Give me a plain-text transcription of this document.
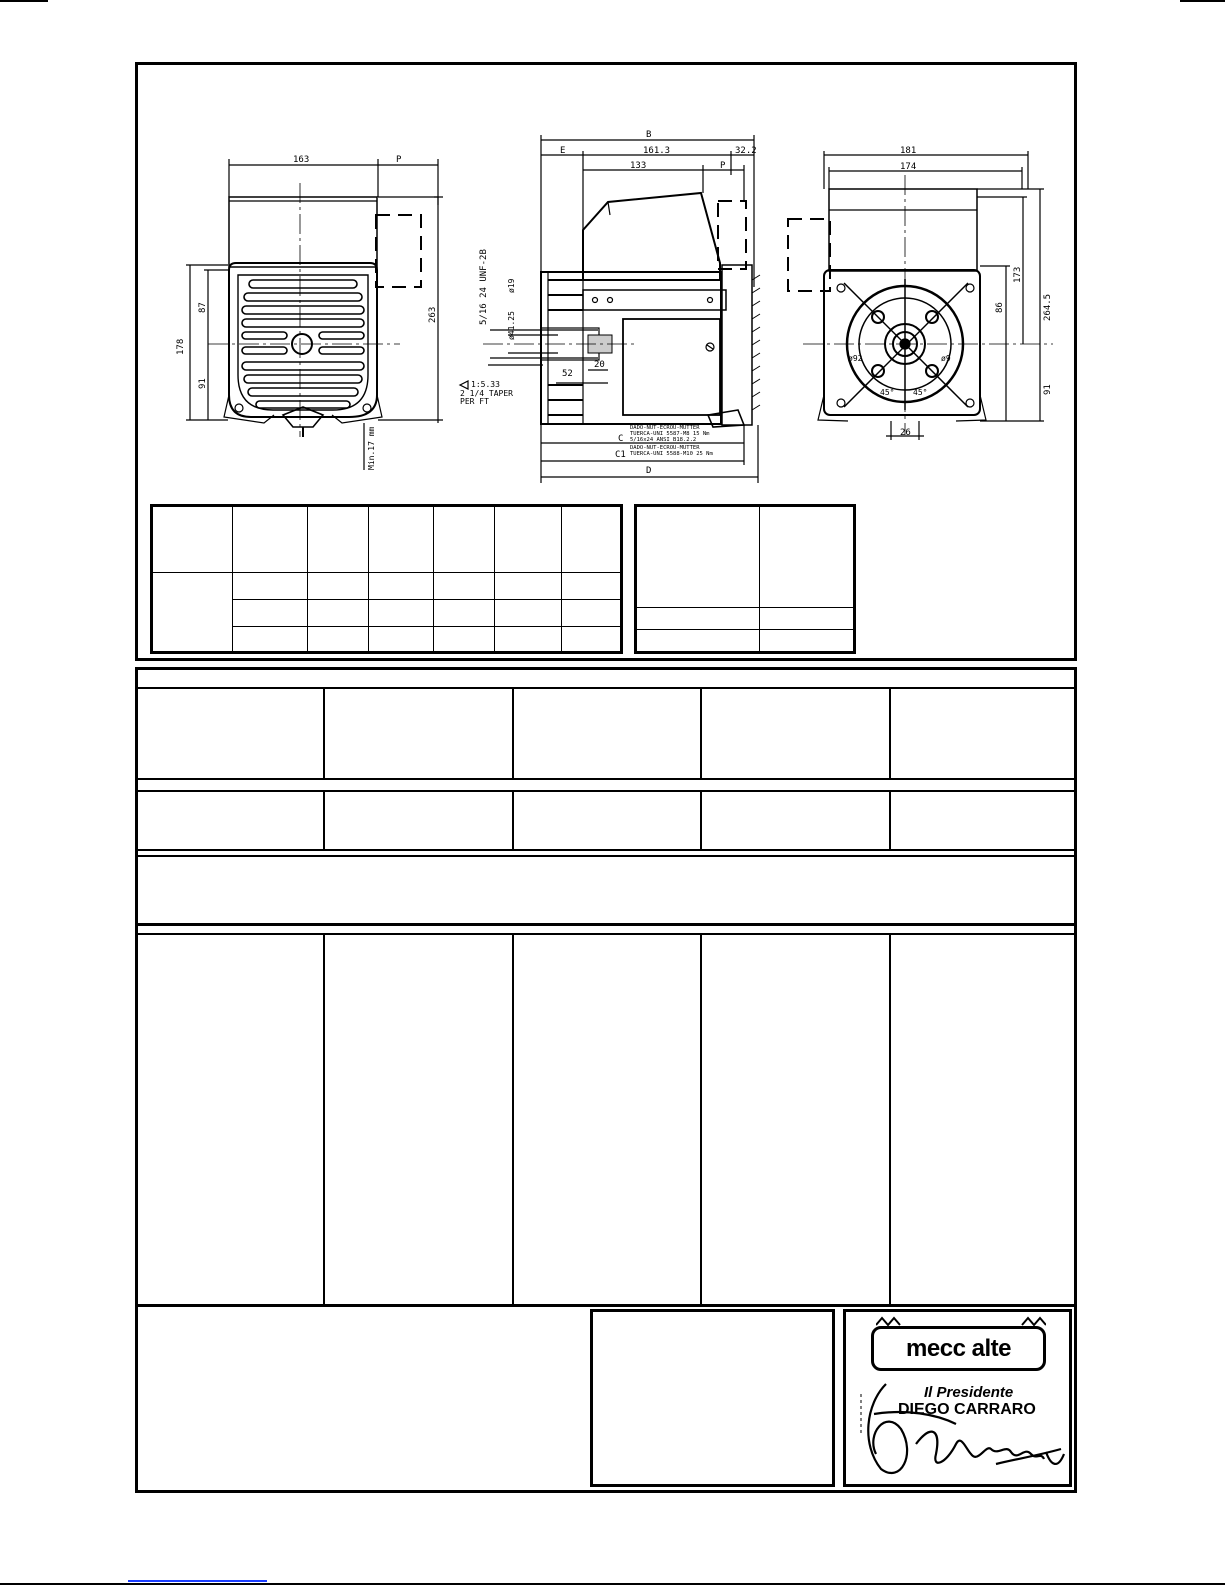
163	P
178
87
91
263
Min.17 mm
B
E	161.3	32.2
133	P
5/16 24 UNF-2B
ø41.25
ø19
1:5.33
2 1/4 TAPER
PER FT
52
20
DADO-NUT-ECROU-MUTTER
TUERCA-UNI 5587-M8 15 Nm
5/16x24 ANSI B18.2.2
DADO-NUT-ECROU-MUTTER
TUERCA-UNI 5588-M10 25 Nm
C
C1
D
181
174
173
86	264.5
91
ø92	ø9
45° 45°
26

mecc alte
Il Presidente
DIEGO CARRARO
